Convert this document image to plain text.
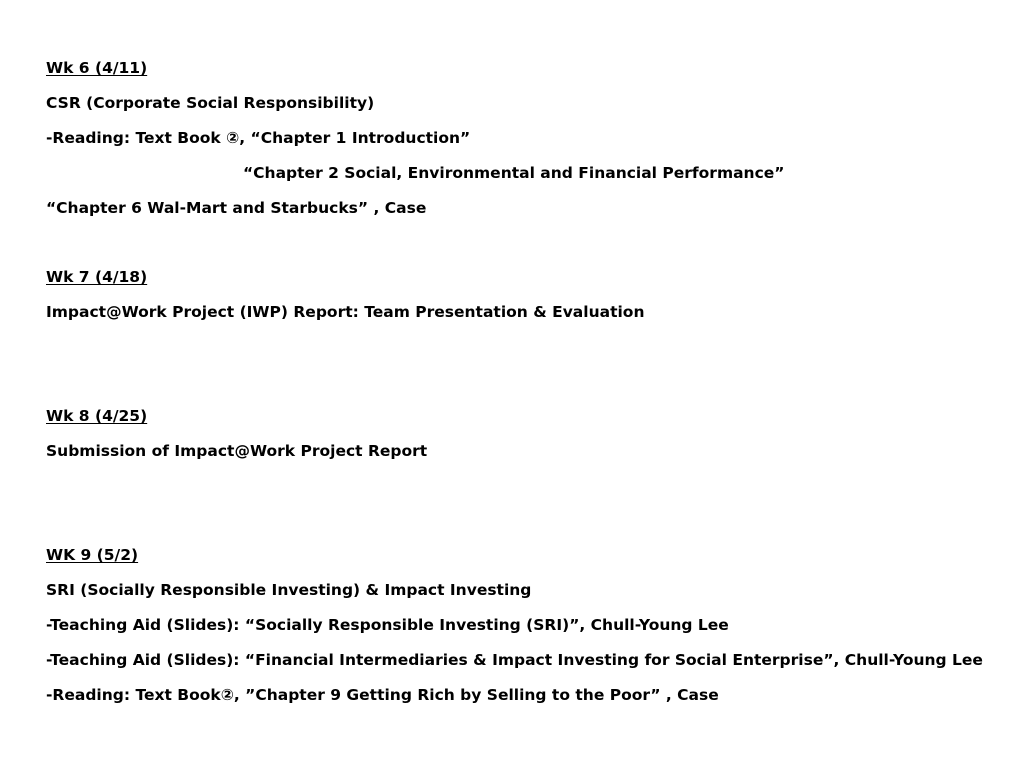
Wk 6 (4/11)
CSR (Corporate Social Responsibility)
-Reading: Text Book ②, “Chapter 1 Introduction”
“Chapter 2 Social, Environmental and Financial Performance”
“Chapter 6 Wal-Mart and Starbucks” , Case
Wk 7 (4/18)
Impact@Work Project (IWP) Report: Team Presentation & Evaluation
Wk 8 (4/25)
Submission of Impact@Work Project Report
WK 9 (5/2)
SRI (Socially Responsible Investing) & Impact Investing
-Teaching Aid (Slides): “Socially Responsible Investing (SRI)”, Chull-Young Lee
-Teaching Aid (Slides): “Financial Intermediaries & Impact Investing for Social Enterprise”, Chull-Young Lee
-Reading: Text Book②, ”Chapter 9 Getting Rich by Selling to the Poor” , Case
